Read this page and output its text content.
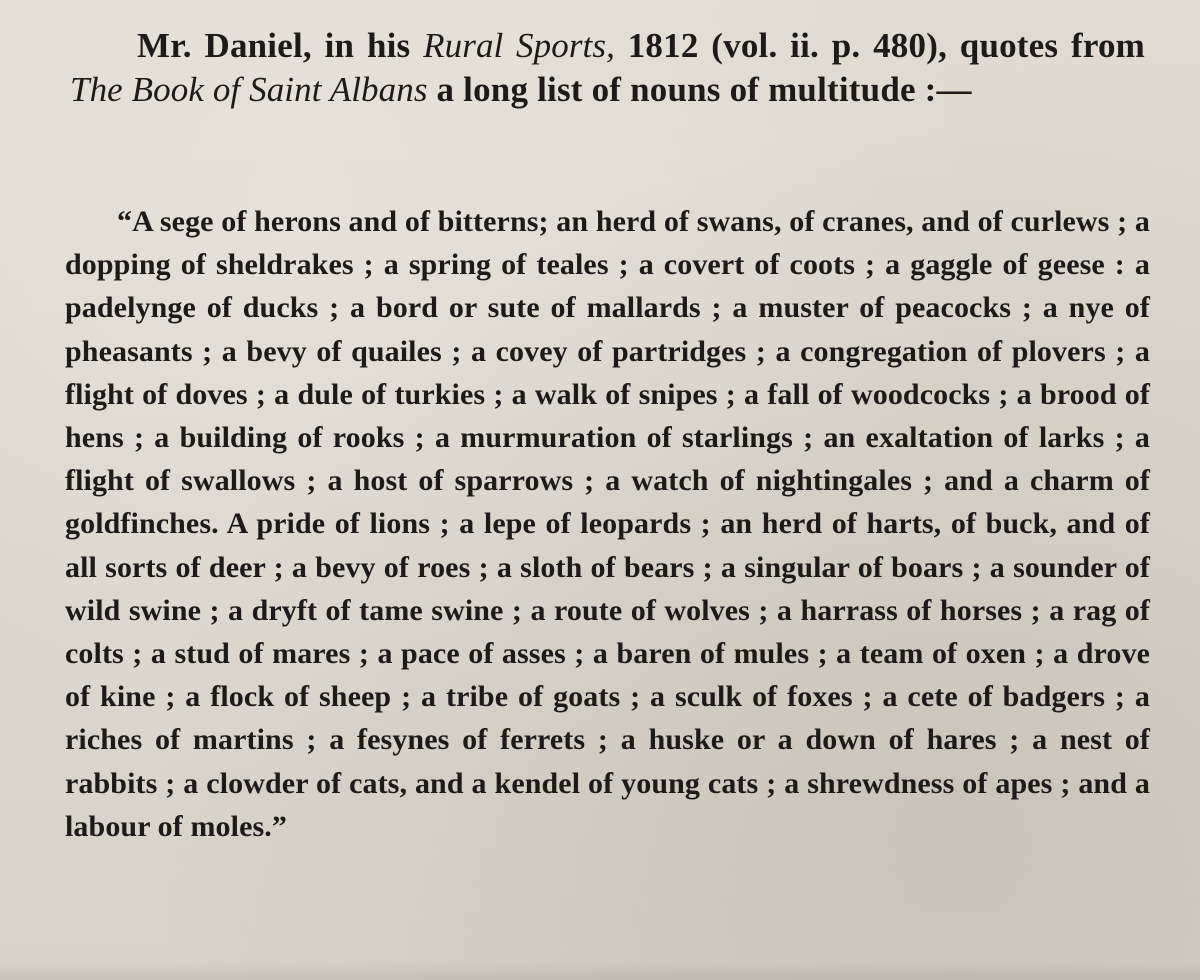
Mr. Daniel, in his Rural Sports, 1812 (vol. ii. p. 480), quotes from The Book of Saint Albans a long list of nouns of multitude :—

“A sege of herons and of bitterns; an herd of swans, of cranes, and of curlews ; a dopping of sheldrakes ; a spring of teales ; a covert of coots ; a gaggle of geese : a padelynge of ducks ; a bord or sute of mallards ; a muster of peacocks ; a nye of pheasants ; a bevy of quailes ; a covey of partridges ; a congregation of plovers ; a flight of doves ; a dule of turkies ; a walk of snipes ; a fall of woodcocks ; a brood of hens ; a building of rooks ; a murmuration of starlings ; an exaltation of larks ; a flight of swallows ; a host of sparrows ; a watch of nightingales ; and a charm of goldfinches. A pride of lions ; a lepe of leopards ; an herd of harts, of buck, and of all sorts of deer ; a bevy of roes ; a sloth of bears ; a singular of boars ; a sounder of wild swine ; a dryft of tame swine ; a route of wolves ; a harrass of horses ; a rag of colts ; a stud of mares ; a pace of asses ; a baren of mules ; a team of oxen ; a drove of kine ; a flock of sheep ; a tribe of goats ; a sculk of foxes ; a cete of badgers ; a riches of martins ; a fesynes of ferrets ; a huske or a down of hares ; a nest of rabbits ; a clowder of cats, and a kendel of young cats ; a shrewdness of apes ; and a labour of moles.”
